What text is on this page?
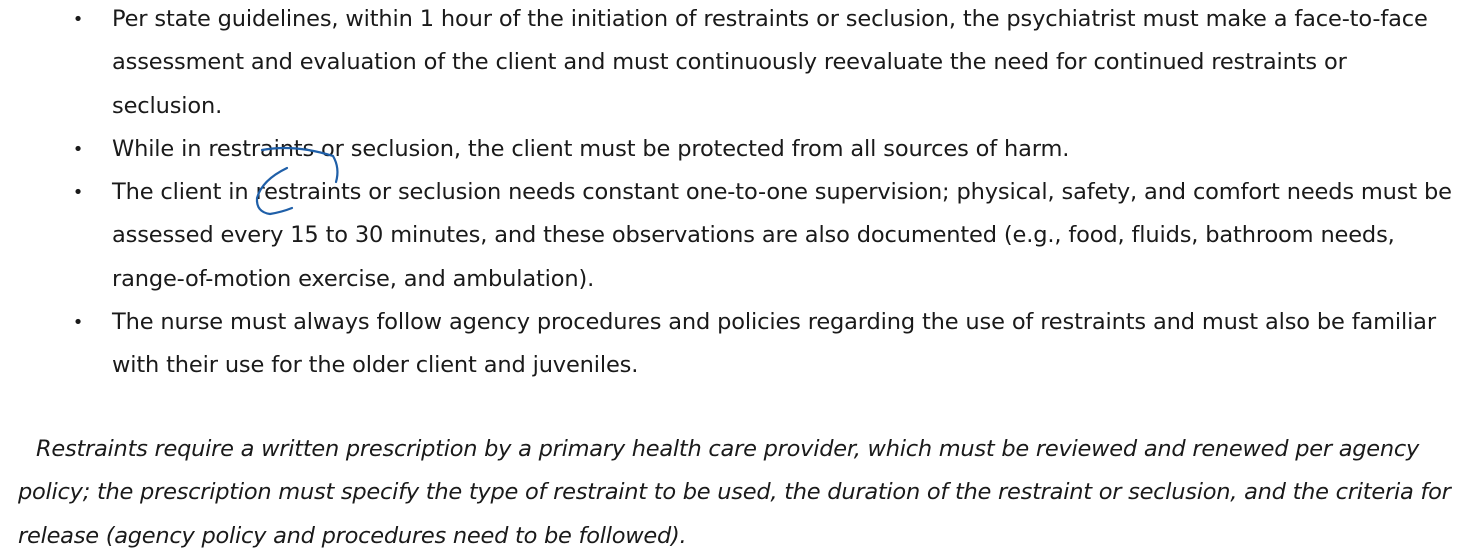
• Per state guidelines, within 1 hour of the initiation of restraints or seclusion, the psychiatrist must make a face-to-face assessment and evaluation of the client and must continuously reevaluate the need for continued restraints or seclusion.
• While in restraints or seclusion, the client must be protected from all sources of harm.
• The client in restraints or seclusion needs constant one-to-one supervision; physical, safety, and comfort needs must be assessed every 15 to 30 minutes, and these observations are also documented (e.g., food, fluids, bathroom needs, range-of-motion exercise, and ambulation).
• The nurse must always follow agency procedures and policies regarding the use of restraints and must also be familiar with their use for the older client and juveniles.

Restraints require a written prescription by a primary health care provider, which must be reviewed and renewed per agency policy; the prescription must specify the type of restraint to be used, the duration of the restraint or seclusion, and the criteria for release (agency policy and procedures need to be followed).
